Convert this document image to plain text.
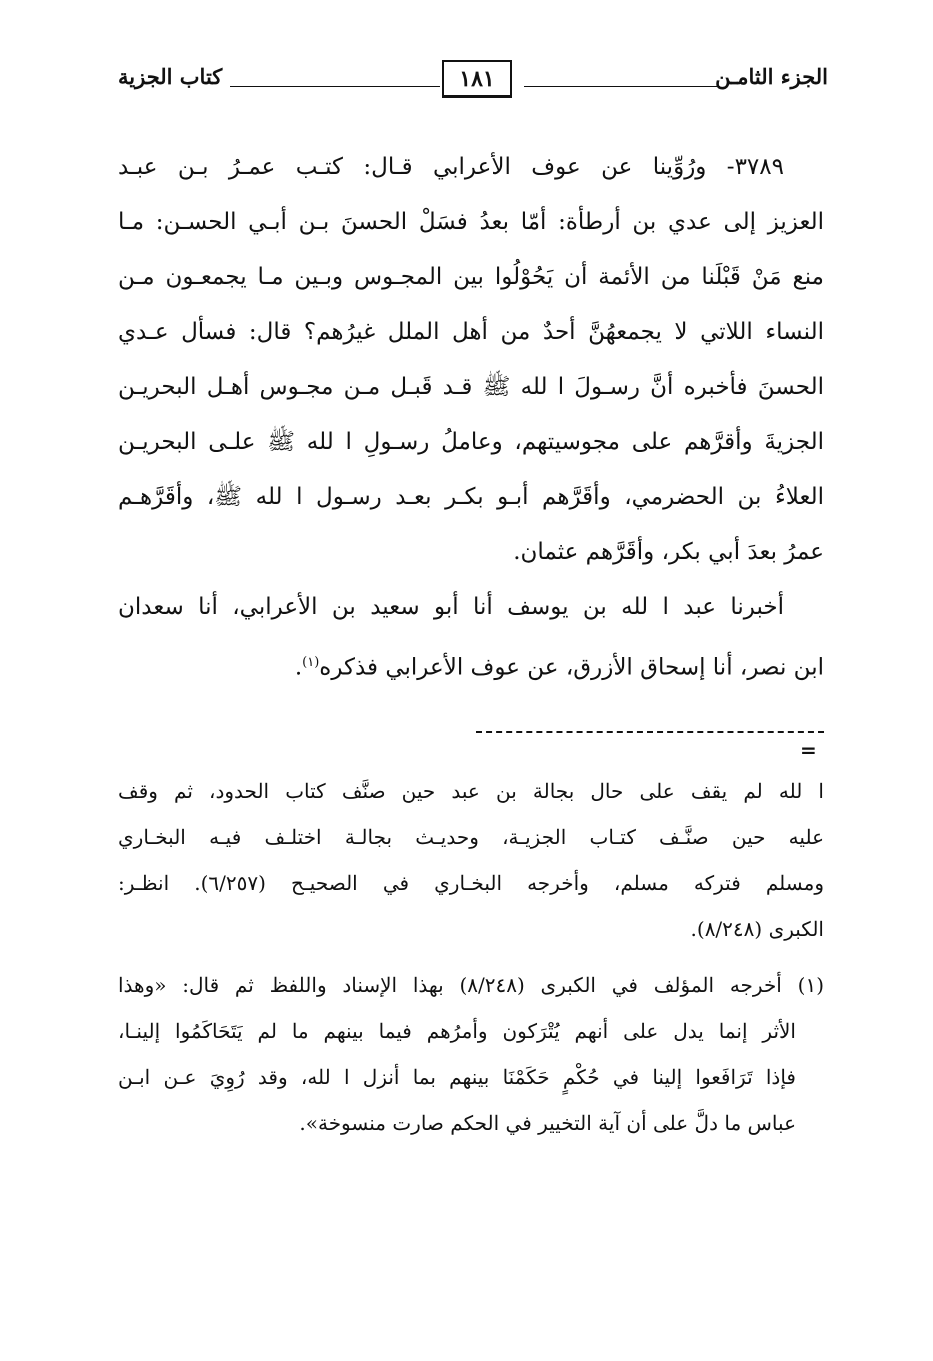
الجزء الثامـن
١٨١
كتاب الجزية
٣٧٨٩- ورُوِّينا عن عوف الأعرابي قـال: كتـب عمـرُ بـن عبـد
العزيز إلى عدي بن أرطأة: أمّا بعدُ فسَلْ الحسنَ بـن أبـي الحسـن: مـا
منع مَنْ قَبْلَنا من الأئمة أن يَحُوْلُوا بين المجـوس وبـين مـا يجمعـون مـن
النساء اللاتي لا يجمعهُنَّ أحدٌ من أهل الملل غيرُهم؟ قال: فسأل عـدي
الحسنَ فأخبره أنَّ رسـولَ ا لله ﷺ قـد قَبـل مـن مجـوس أهـل البحريـن
الجزيةَ وأقرَّهم على مجوسيتهم، وعاملُ رسـولِ ا لله ﷺ علـى البحريـن
العلاءُ بن الحضرمي، وأقَرَّهم أبـو بكـر بعـد رسـول ا لله ﷺ، وأقَرَّهـم
عمرُ بعدَ أبي بكر، وأقَرَّهم عثمان.
أخبرنا عبد ا لله بن يوسف أنا أبو سعيد بن الأعرابي، أنا سعدان
ابن نصر، أنا إسحاق الأزرق، عن عوف الأعرابي فذكره$^{(١)}$.
=
ا لله لم يقف على حال بجالة بن عبد حين صنَّف كتاب الحدود، ثم وقف
عليه حين صنَّـف كتـاب الجزيـة، وحديـث بجالـة اختلـف فيـه البخـاري
ومسلم فتركه مسلم، وأخرجه البخـاري في الصحيـح (٦/٢٥٧). انظـر:
الكبرى (٨/٢٤٨).
(١) أخرجه المؤلف في الكبرى (٨/٢٤٨) بهذا الإسناد واللفظ ثم قال: «وهذا
الأثر إنما يدل على أنهم يُتْرَكون وأمرُهم فيما بينهم ما لم يَتَحَاكَمُوا إلينـا،
فإذا تَرَافَعوا إلينا في حُكْمٍ حَكَمْنَا بينهم بما أنزل ا لله، وقد رُوِيَ عـن ابـن
عباس ما دلَّ على أن آية التخيير في الحكم صارت منسوخة».
